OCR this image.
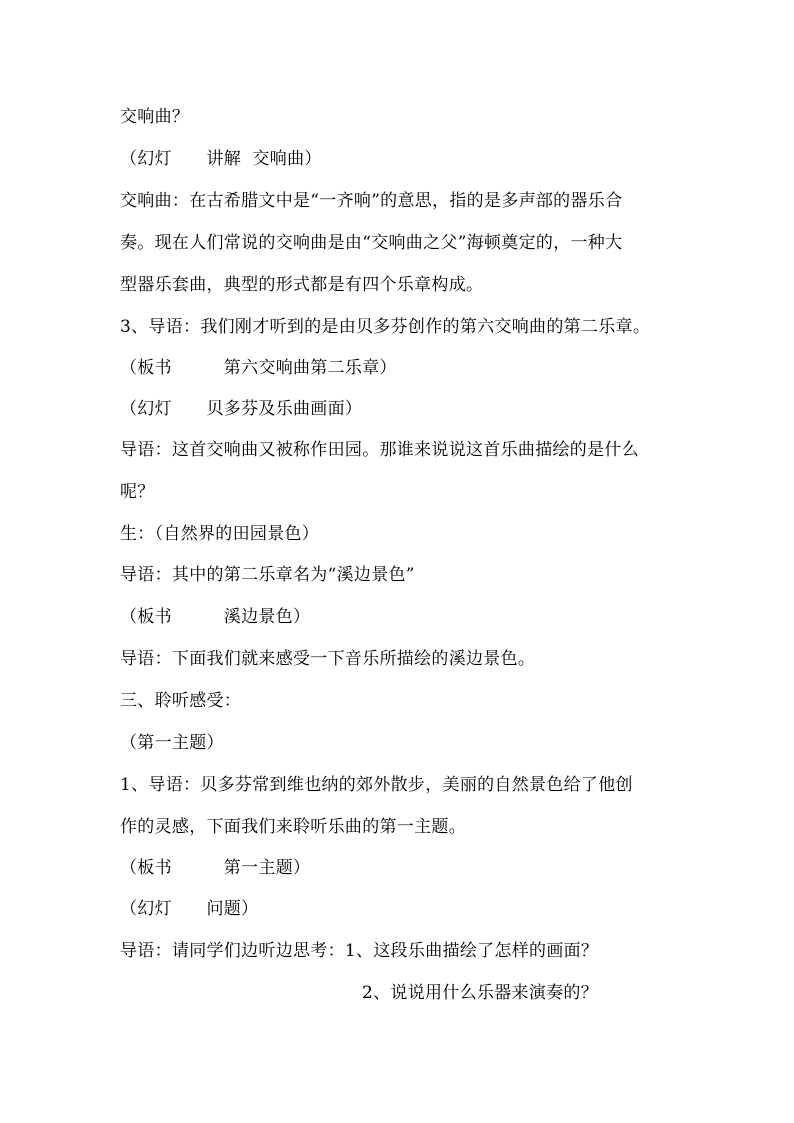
交响曲？
（幻灯　　讲解  交响曲）
交响曲：在古希腊文中是“一齐响”的意思，指的是多声部的器乐合
奏。现在人们常说的交响曲是由“交响曲之父”海顿奠定的，一种大
型器乐套曲，典型的形式都是有四个乐章构成。
3、导语：我们刚才听到的是由贝多芬创作的第六交响曲的第二乐章。
（板书　　　第六交响曲第二乐章）
（幻灯　　贝多芬及乐曲画面）
导语：这首交响曲又被称作田园。那谁来说说这首乐曲描绘的是什么
呢？
生：（自然界的田园景色）
导语：其中的第二乐章名为“溪边景色”
（板书　　　溪边景色）
导语：下面我们就来感受一下音乐所描绘的溪边景色。
三、聆听感受：
（第一主题）
1、导语：贝多芬常到维也纳的郊外散步，美丽的自然景色给了他创
作的灵感，下面我们来聆听乐曲的第一主题。
（板书　　　第一主题）
（幻灯　　问题）
导语：请同学们边听边思考：1、这段乐曲描绘了怎样的画面？
2、说说用什么乐器来演奏的？
